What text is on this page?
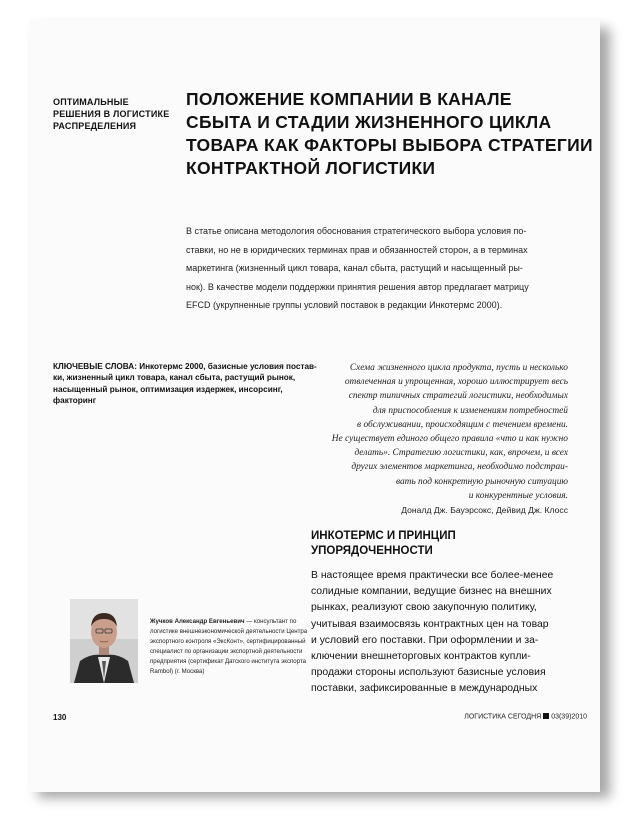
ОПТИМАЛЬНЫЕ
РЕШЕНИЯ В ЛОГИСТИКЕ
РАСПРЕДЕЛЕНИЯ
ПОЛОЖЕНИЕ КОМПАНИИ В КАНАЛЕ
СБЫТА И СТАДИИ ЖИЗНЕННОГО ЦИКЛА
ТОВАРА КАК ФАКТОРЫ ВЫБОРА СТРАТЕГИИ
КОНТРАКТНОЙ ЛОГИСТИКИ
В статье описана методология обоснования стратегического выбора условия по-
ставки, но не в юридических терминах прав и обязанностей сторон, а в терминах
маркетинга (жизненный цикл товара, канал сбыта, растущий и насыщенный ры-
нок). В качестве модели поддержки принятия решения автор предлагает матрицу
EFCD (укрупненные группы условий поставок в редакции Инкотермс 2000).
КЛЮЧЕВЫЕ СЛОВА: Инкотермс 2000, базисные условия постав-
ки, жизненный цикл товара, канал сбыта, растущий рынок,
насыщенный рынок, оптимизация издержек, инсорсинг,
факторинг
Схема жизненного цикла продукта, пусть и несколько
отвлеченная и упрощенная, хорошо иллюстрирует весь
спектр типичных стратегий логистики, необходимых
для приспособления к изменениям потребностей
в обслуживании, происходящим с течением времени.
Не существует единого общего правила «что и как нужно
делать». Стратегию логистики, как, впрочем, и всех
других элементов маркетинга, необходимо подстраи-
вать под конкретную рыночную ситуацию
и конкурентные условия.
Доналд Дж. Бауэрсокс, Дейвид Дж. Клосс
ИНКОТЕРМС И ПРИНЦИП
УПОРЯДОЧЕННОСТИ
В настоящее время практически все более-менее
солидные компании, ведущие бизнес на внешних
рынках, реализуют свою закупочную политику,
учитывая взаимосвязь контрактных цен на товар
и условий его поставки. При оформлении и за-
ключении внешнеторговых контрактов купли-
продажи стороны используют базисные условия
поставки, зафиксированные в международных
Жучков Александр Евгеньевич — консультант по
логистике внешнеэкономической деятельности Центра
экспортного контроля «ЭксКонт», сертифицированный
специалист по организации экспортной деятельности
предприятия (сертификат Датского института экспорта
Rambol) (г. Москва)
130	ЛОГИСТИКА СЕГОДНЯ 03(39)2010
